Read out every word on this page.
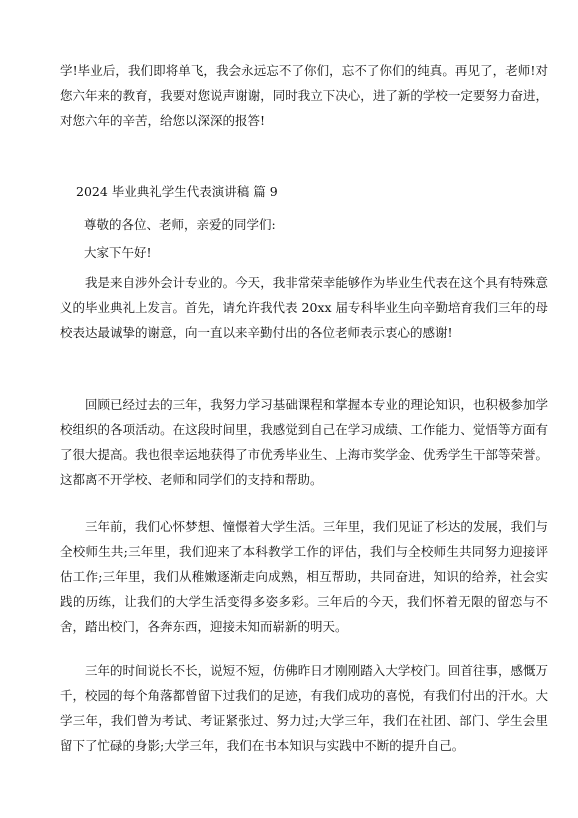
学!毕业后，我们即将单飞，我会永远忘不了你们，忘不了你们的纯真。再见了，老师!对您六年来的教育，我要对您说声谢谢，同时我立下决心，进了新的学校一定要努力奋进，对您六年的辛苦，给您以深深的报答!

2024 毕业典礼学生代表演讲稿 篇 9

尊敬的各位、老师，亲爱的同学们:

大家下午好!

我是来自涉外会计专业的。今天，我非常荣幸能够作为毕业生代表在这个具有特殊意义的毕业典礼上发言。首先，请允许我代表 20xx 届专科毕业生向辛勤培育我们三年的母校表达最诚挚的谢意，向一直以来辛勤付出的各位老师表示衷心的感谢!

回顾已经过去的三年，我努力学习基础课程和掌握本专业的理论知识，也积极参加学校组织的各项活动。在这段时间里，我感觉到自己在学习成绩、工作能力、觉悟等方面有了很大提高。我也很幸运地获得了市优秀毕业生、上海市奖学金、优秀学生干部等荣誉。这都离不开学校、老师和同学们的支持和帮助。

三年前，我们心怀梦想、憧憬着大学生活。三年里，我们见证了杉达的发展，我们与全校师生共;三年里，我们迎来了本科教学工作的评估，我们与全校师生共同努力迎接评估工作;三年里，我们从稚嫩逐渐走向成熟，相互帮助，共同奋进，知识的给养，社会实践的历练，让我们的大学生活变得多姿多彩。三年后的今天，我们怀着无限的留恋与不舍，踏出校门，各奔东西，迎接未知而崭新的明天。

三年的时间说长不长，说短不短，仿佛昨日才刚刚踏入大学校门。回首往事，感慨万千，校园的每个角落都曾留下过我们的足迹，有我们成功的喜悦，有我们付出的汗水。大学三年，我们曾为考试、考证紧张过、努力过;大学三年，我们在社团、部门、学生会里留下了忙碌的身影;大学三年，我们在书本知识与实践中不断的提升自己。
